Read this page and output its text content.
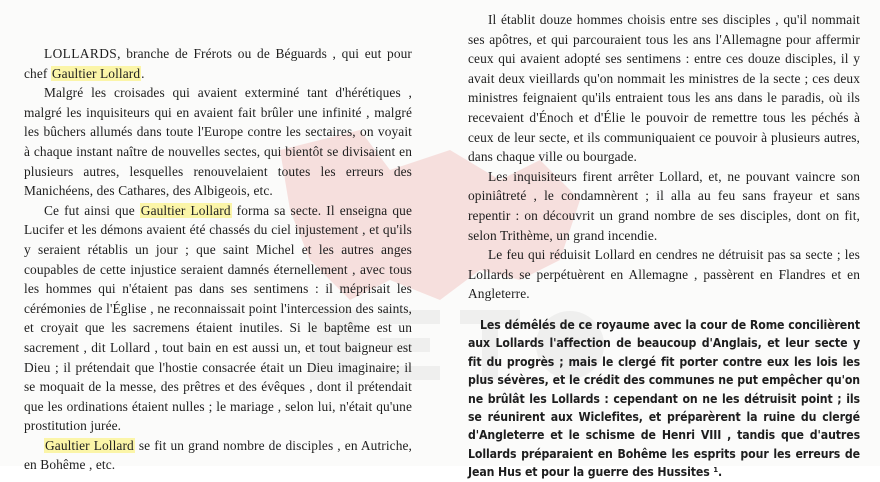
LOLLARDS, branche de Frérots ou de Béguards , qui eut pour chef Gaultier Lollard.

Malgré les croisades qui avaient exterminé tant d'hérétiques , malgré les inquisiteurs qui en avaient fait brûler une infinité , malgré les bûchers allumés dans toute l'Europe contre les sectaires, on voyait à chaque instant naître de nouvelles sectes, qui bientôt se divisaient en plusieurs autres, lesquelles renouvelaient toutes les erreurs des Manichéens, des Cathares, des Albigeois, etc.

Ce fut ainsi que Gaultier Lollard forma sa secte. Il enseigna que Lucifer et les démons avaient été chassés du ciel injustement , et qu'ils y seraient rétablis un jour ; que saint Michel et les autres anges coupables de cette injustice seraient damnés éternellement , avec tous les hommes qui n'étaient pas dans ses sentimens : il méprisait les cérémonies de l'Église , ne reconnaissait point l'intercession des saints, et croyait que les sacremens étaient inutiles. Si le baptême est un sacrement , dit Lollard , tout bain en est aussi un, et tout baigneur est Dieu ; il prétendait que l'hostie consacrée était un Dieu imaginaire; il se moquait de la messe, des prêtres et des évêques , dont il prétendait que les ordinations étaient nulles ; le mariage , selon lui, n'était qu'une prostitution jurée.

Gaultier Lollard se fit un grand nombre de disciples , en Autriche, en Bohême , etc.

Il établit douze hommes choisis entre ses disciples , qu'il nommait ses apôtres, et qui parcouraient tous les ans l'Allemagne pour affermir ceux qui avaient adopté ses sentimens : entre ces douze disciples, il y avait deux vieillards qu'on nommait les ministres de la secte ; ces deux ministres feignaient qu'ils entraient tous les ans dans le paradis, où ils recevaient d'Énoch et d'Élie le pouvoir de remettre tous les péchés à ceux de leur secte, et ils communiquaient ce pouvoir à plusieurs autres, dans chaque ville ou bourgade.

Les inquisiteurs firent arrêter Lollard, et, ne pouvant vaincre son opiniâtreté , le condamnèrent ; il alla au feu sans frayeur et sans repentir : on découvrit un grand nombre de ses disciples, dont on fit, selon Trithème, un grand incendie.

Le feu qui réduisit Lollard en cendres ne détruisit pas sa secte ; les Lollards se perpétuèrent en Allemagne , passèrent en Flandres et en Angleterre.

Les démêlés de ce royaume avec la cour de Rome concilièrent aux Lollards l'affection de beaucoup d'Anglais, et leur secte y fit du progrès ; mais le clergé fit porter contre eux les lois les plus sévères, et le crédit des communes ne put empêcher qu'on ne brûlât les Lollards : cependant on ne les détruisit point ; ils se réunirent aux Wiclefites, et préparèrent la ruine du clergé d'Angleterre et le schisme de Henri VIII , tandis que d'autres Lollards préparaient en Bohême les esprits pour les erreurs de Jean Hus et pour la guerre des Hussites ¹.
